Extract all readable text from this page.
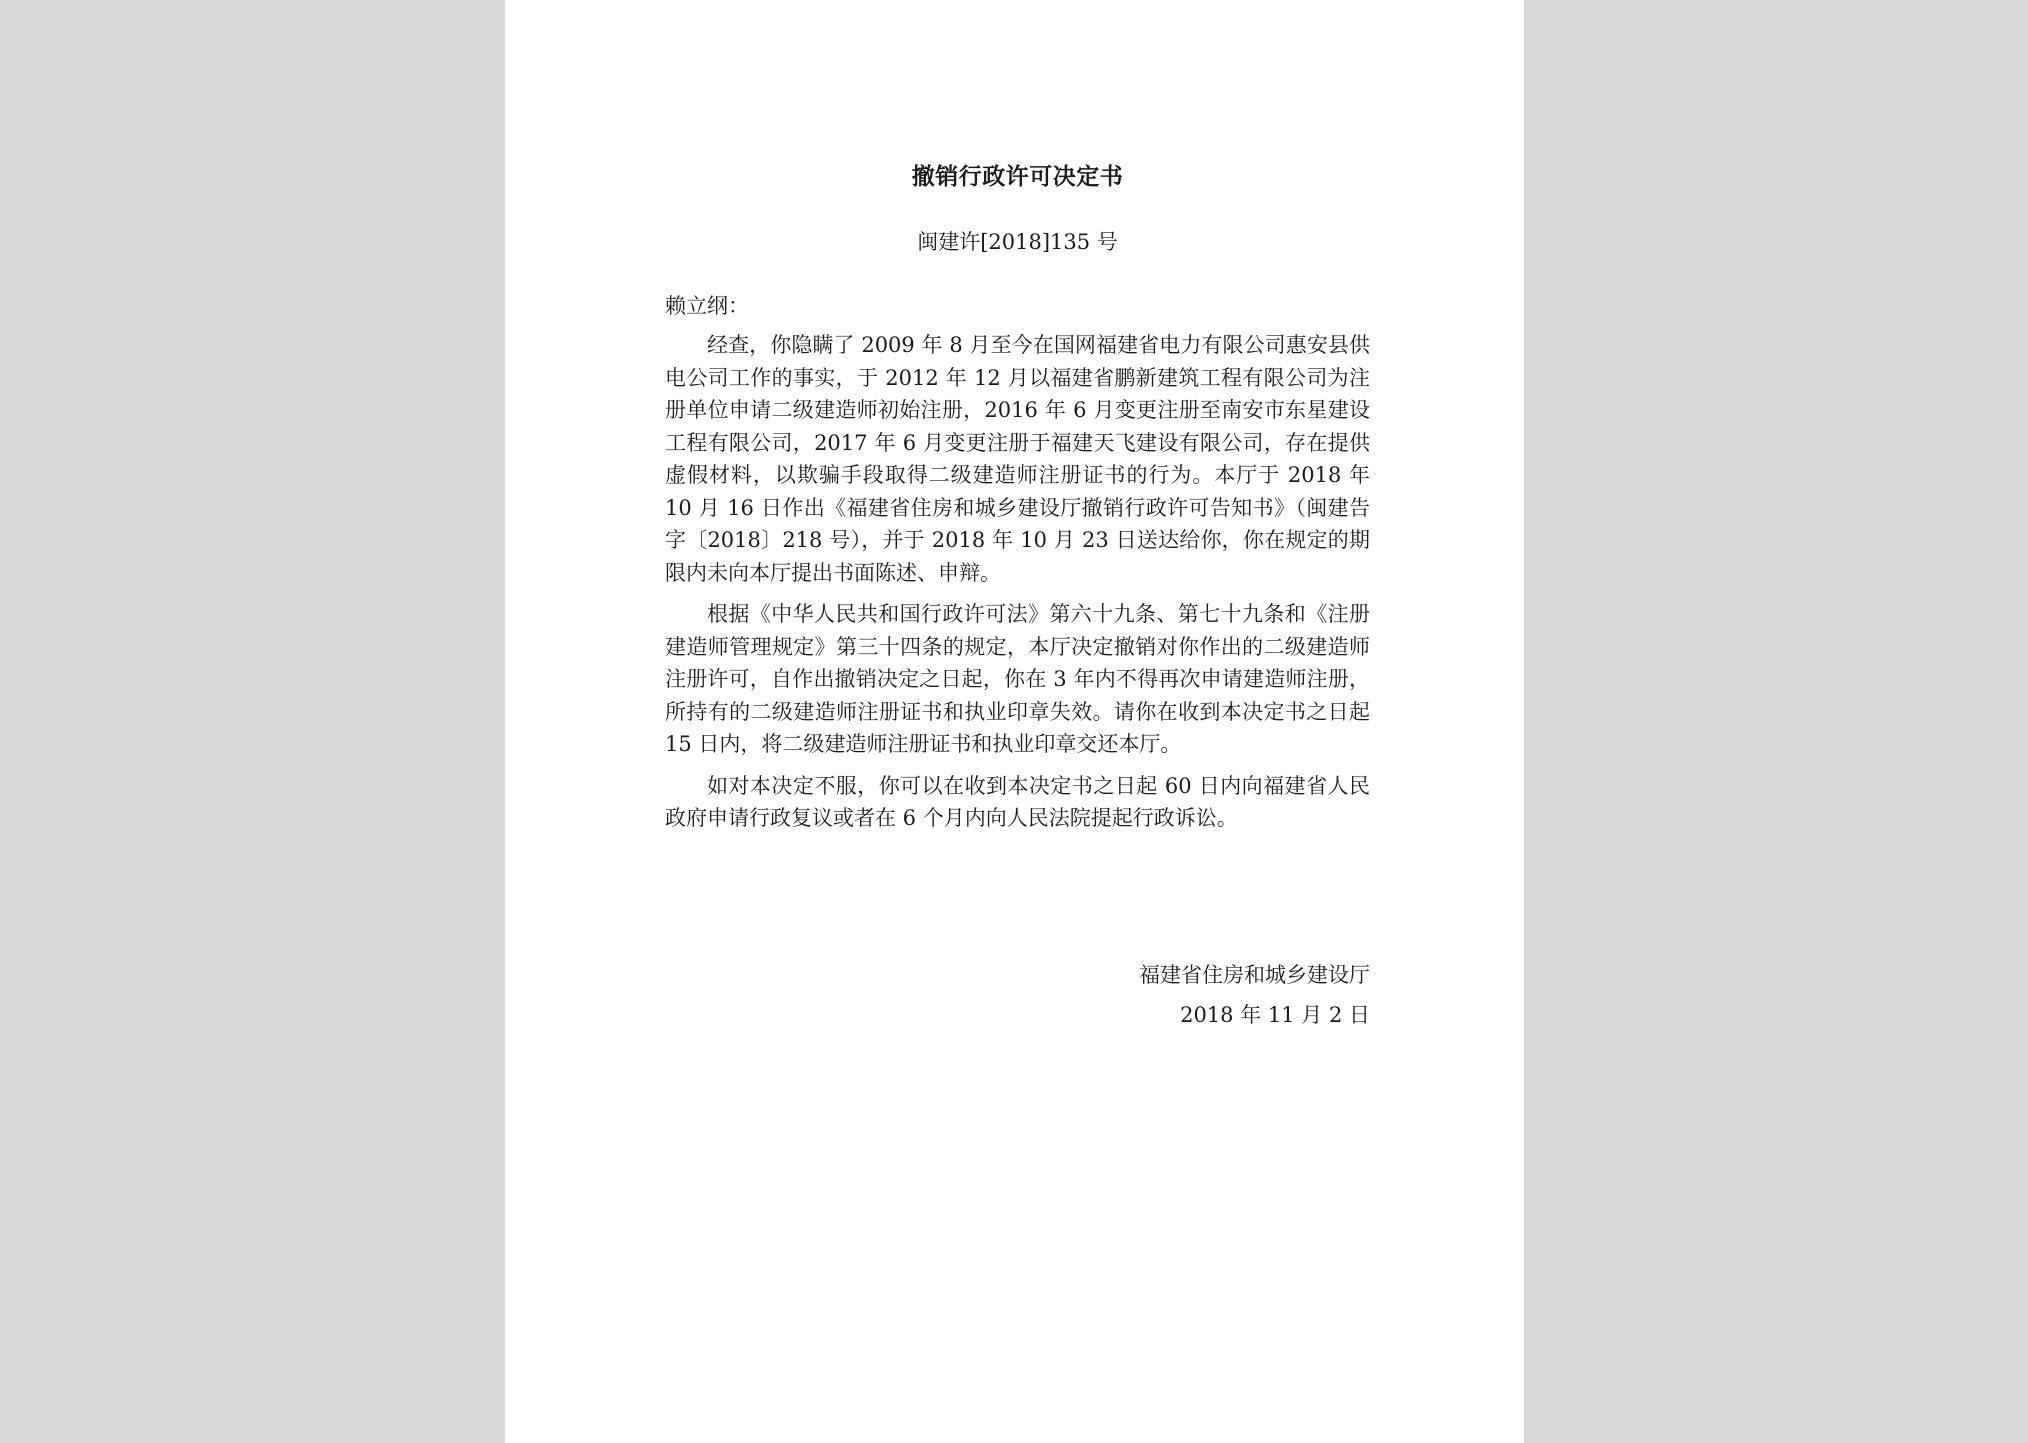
撤销行政许可决定书

闽建许[2018]135 号

赖立纲：

经查，你隐瞒了 2009 年 8 月至今在国网福建省电力有限公司惠安县供电公司工作的事实，于 2012 年 12 月以福建省鹏新建筑工程有限公司为注册单位申请二级建造师初始注册，2016 年 6 月变更注册至南安市东星建设工程有限公司，2017 年 6 月变更注册于福建天飞建设有限公司，存在提供虚假材料，以欺骗手段取得二级建造师注册证书的行为。本厅于 2018 年 10 月 16 日作出《福建省住房和城乡建设厅撤销行政许可告知书》（闽建告字〔2018〕218 号），并于 2018 年 10 月 23 日送达给你，你在规定的期限内未向本厅提出书面陈述、申辩。

根据《中华人民共和国行政许可法》第六十九条、第七十九条和《注册建造师管理规定》第三十四条的规定，本厅决定撤销对你作出的二级建造师注册许可，自作出撤销决定之日起，你在 3 年内不得再次申请建造师注册，所持有的二级建造师注册证书和执业印章失效。请你在收到本决定书之日起 15 日内，将二级建造师注册证书和执业印章交还本厅。

如对本决定不服，你可以在收到本决定书之日起 60 日内向福建省人民政府申请行政复议或者在 6 个月内向人民法院提起行政诉讼。

福建省住房和城乡建设厅
2018 年 11 月 2 日
